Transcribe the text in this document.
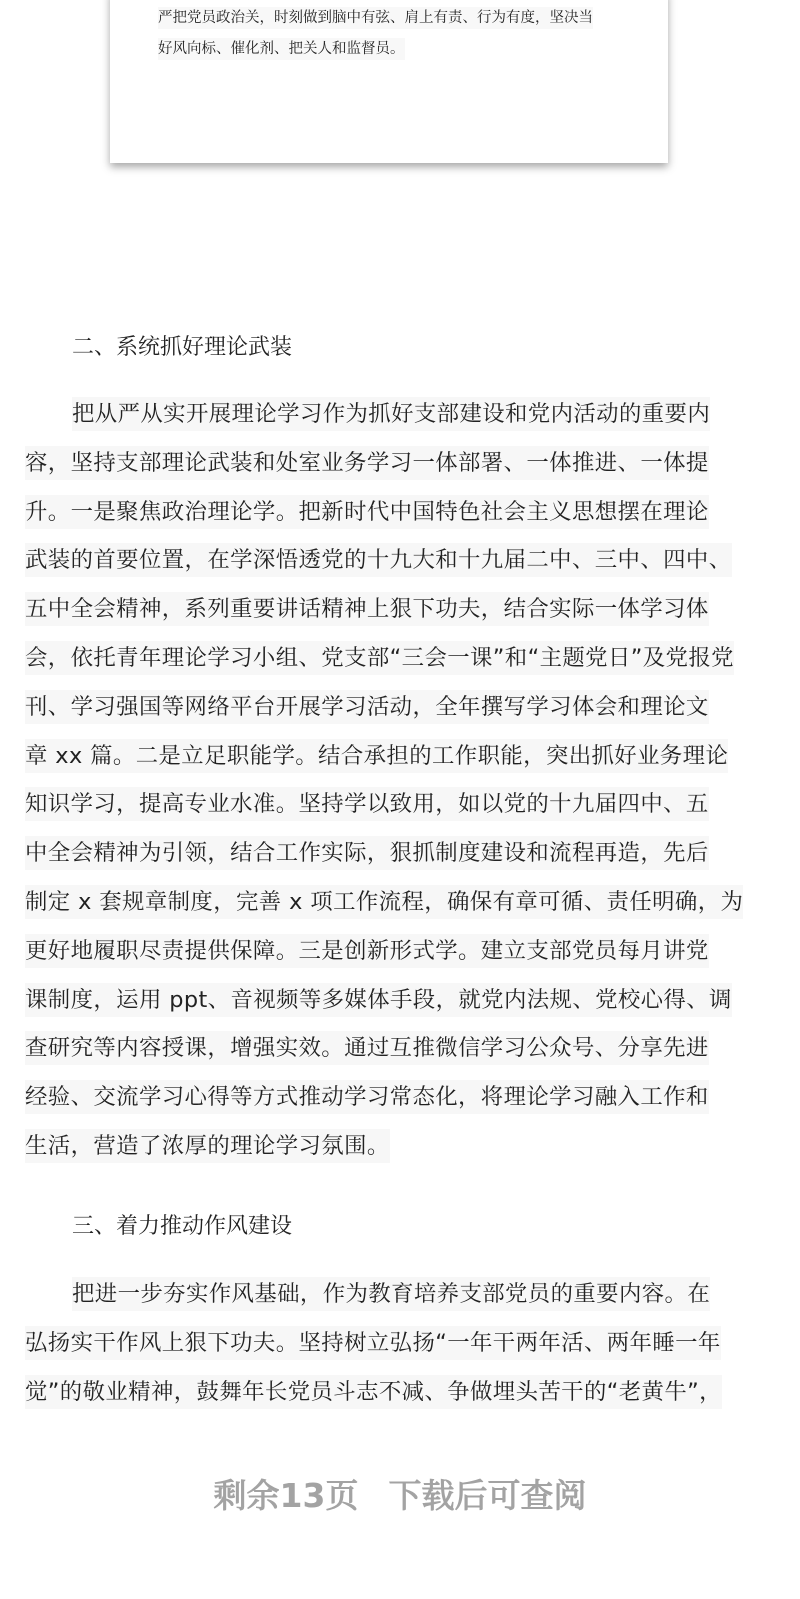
严把党员政治关，时刻做到脑中有弦、肩上有责、行为有度，坚决当
好风向标、催化剂、把关人和监督员。
二、系统抓好理论武装
把从严从实开展理论学习作为抓好支部建设和党内活动的重要内
容，坚持支部理论武装和处室业务学习一体部署、一体推进、一体提
升。一是聚焦政治理论学。把新时代中国特色社会主义思想摆在理论
武装的首要位置，在学深悟透党的十九大和十九届二中、三中、四中、
五中全会精神，系列重要讲话精神上狠下功夫，结合实际一体学习体
会，依托青年理论学习小组、党支部“三会一课”和“主题党日”及党报党
刊、学习强国等网络平台开展学习活动，全年撰写学习体会和理论文
章 xx 篇。二是立足职能学。结合承担的工作职能，突出抓好业务理论
知识学习，提高专业水准。坚持学以致用，如以党的十九届四中、五
中全会精神为引领，结合工作实际，狠抓制度建设和流程再造，先后
制定 x 套规章制度，完善 x 项工作流程，确保有章可循、责任明确，为
更好地履职尽责提供保障。三是创新形式学。建立支部党员每月讲党
课制度，运用 ppt、音视频等多媒体手段，就党内法规、党校心得、调
查研究等内容授课，增强实效。通过互推微信学习公众号、分享先进
经验、交流学习心得等方式推动学习常态化，将理论学习融入工作和
生活，营造了浓厚的理论学习氛围。
三、着力推动作风建设
把进一步夯实作风基础，作为教育培养支部党员的重要内容。在
弘扬实干作风上狠下功夫。坚持树立弘扬“一年干两年活、两年睡一年
觉”的敬业精神，鼓舞年长党员斗志不减、争做埋头苦干的“老黄牛”，
剩余13页 下载后可查阅
